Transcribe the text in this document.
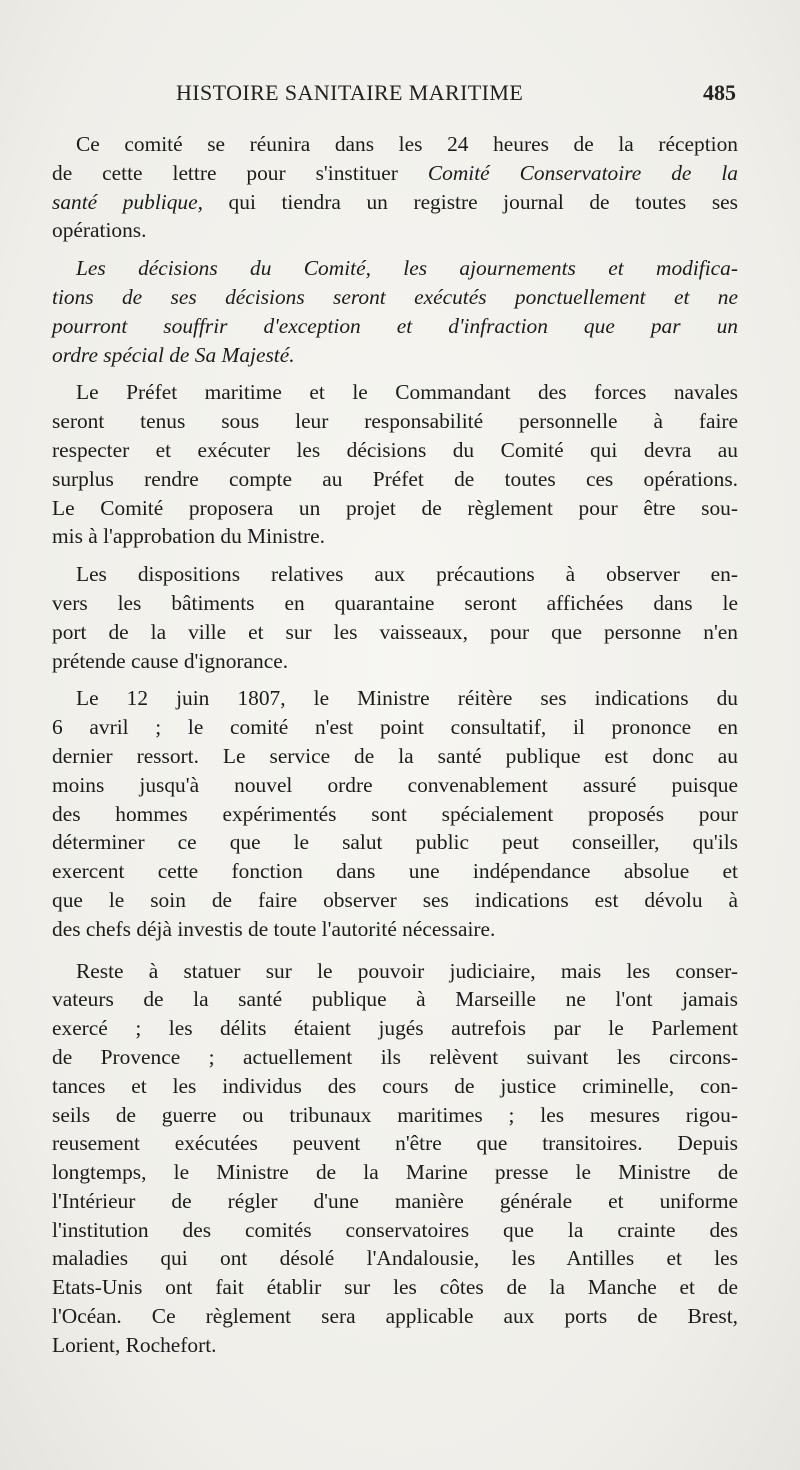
HISTOIRE SANITAIRE MARITIME	485
Ce comité se réunira dans les 24 heures de la réception
de cette lettre pour s'instituer Comité Conservatoire de la
santé publique, qui tiendra un registre journal de toutes ses
opérations.
Les décisions du Comité, les ajournements et modifica-
tions de ses décisions seront exécutés ponctuellement et ne
pourront souffrir d'exception et d'infraction que par un
ordre spécial de Sa Majesté.
Le Préfet maritime et le Commandant des forces navales
seront tenus sous leur responsabilité personnelle à faire
respecter et exécuter les décisions du Comité qui devra au
surplus rendre compte au Préfet de toutes ces opérations.
Le Comité proposera un projet de règlement pour être sou-
mis à l'approbation du Ministre.
Les dispositions relatives aux précautions à observer en-
vers les bâtiments en quarantaine seront affichées dans le
port de la ville et sur les vaisseaux, pour que personne n'en
prétende cause d'ignorance.
Le 12 juin 1807, le Ministre réitère ses indications du
6 avril ; le comité n'est point consultatif, il prononce en
dernier ressort. Le service de la santé publique est donc au
moins jusqu'à nouvel ordre convenablement assuré puisque
des hommes expérimentés sont spécialement proposés pour
déterminer ce que le salut public peut conseiller, qu'ils
exercent cette fonction dans une indépendance absolue et
que le soin de faire observer ses indications est dévolu à
des chefs déjà investis de toute l'autorité nécessaire.
Reste à statuer sur le pouvoir judiciaire, mais les conser-
vateurs de la santé publique à Marseille ne l'ont jamais
exercé ; les délits étaient jugés autrefois par le Parlement
de Provence ; actuellement ils relèvent suivant les circons-
tances et les individus des cours de justice criminelle, con-
seils de guerre ou tribunaux maritimes ; les mesures rigou-
reusement exécutées peuvent n'être que transitoires. Depuis
longtemps, le Ministre de la Marine presse le Ministre de
l'Intérieur de régler d'une manière générale et uniforme
l'institution des comités conservatoires que la crainte des
maladies qui ont désolé l'Andalousie, les Antilles et les
Etats-Unis ont fait établir sur les côtes de la Manche et de
l'Océan. Ce règlement sera applicable aux ports de Brest,
Lorient, Rochefort.
